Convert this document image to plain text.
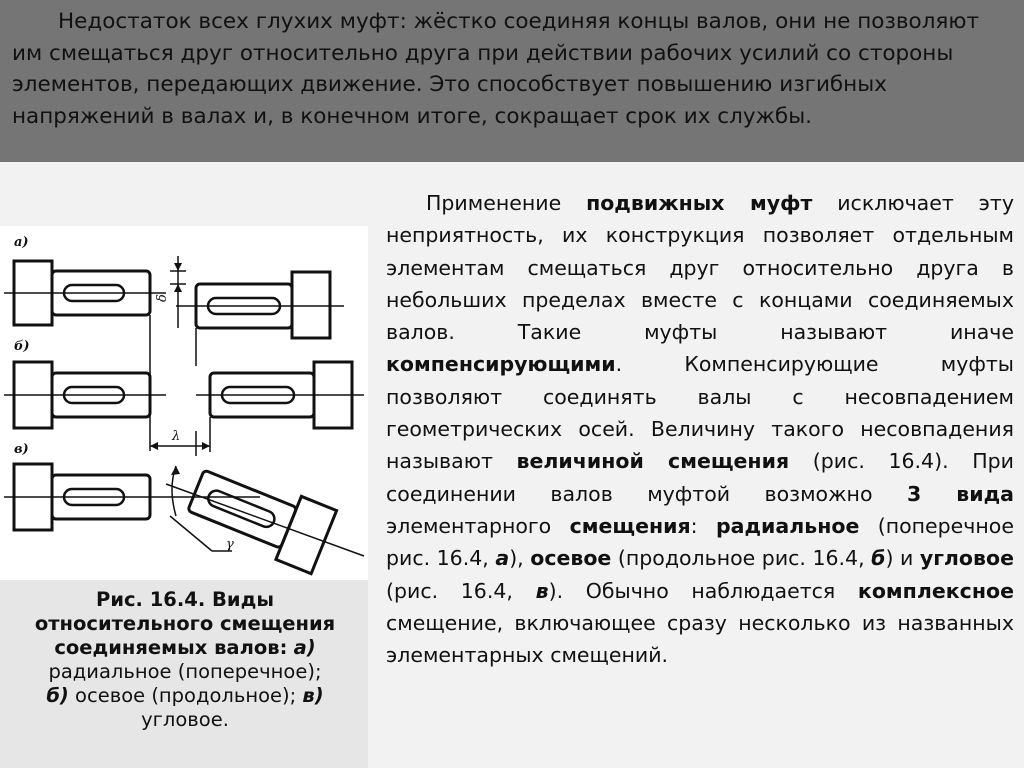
Недостаток всех глухих муфт: жёстко соединяя концы валов, они не позволяют им смещаться друг относительно друга при действии рабочих усилий со стороны элементов, передающих движение. Это способствует повышению изгибных напряжений в валах и, в конечном итоге, сокращает срок их службы.
а)
б)
в)
δ
λ
γ
Рис. 16.4. Виды относительного смещения соединяемых валов: а) радиальное (поперечное);
б) осевое (продольное); в) угловое.
Применение подвижных муфт исключает эту неприятность, их конструкция позволяет отдельным элементам смещаться друг относительно друга в небольших пределах вместе с концами соединяемых валов. Такие муфты называют иначе компенсирующими. Компенсирующие муфты позволяют соединять валы с несовпадением геометрических осей. Величину такого несовпадения называют величиной смещения (рис. 16.4). При соединении валов муфтой возможно 3 вида элементарного смещения: радиальное (поперечное рис. 16.4, а), осевое (продольное рис. 16.4, б) и угловое (рис. 16.4, в). Обычно наблюдается комплексное смещение, включающее сразу несколько из названных элементарных смещений.
